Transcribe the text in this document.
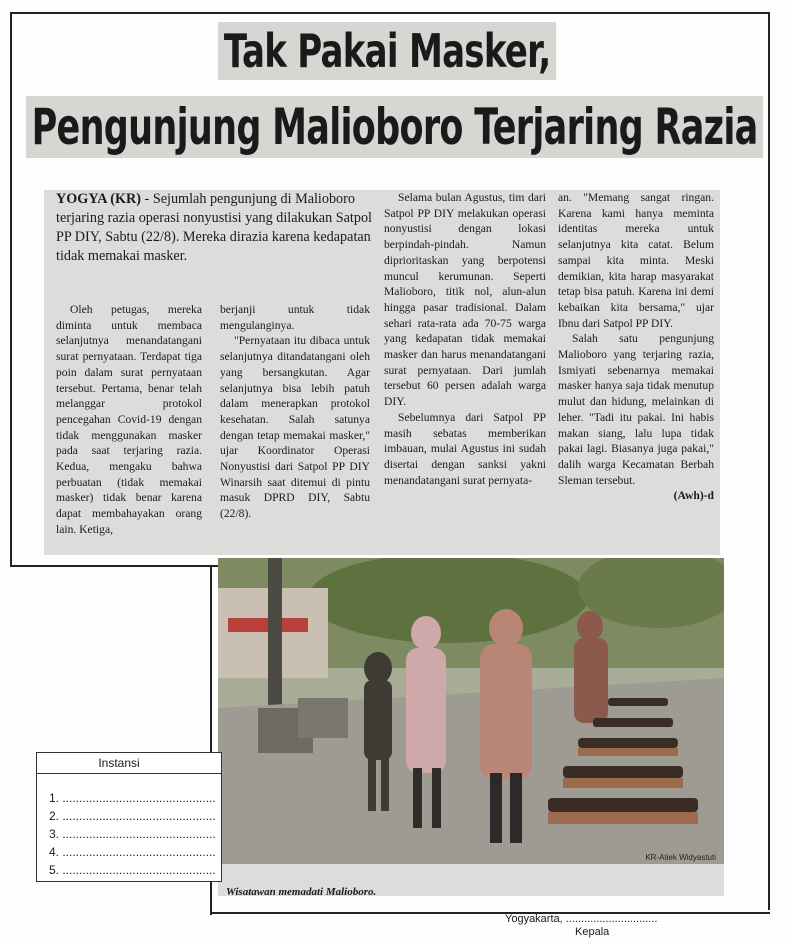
Tak Pakai Masker,
Pengunjung Malioboro Terjaring Razia
YOGYA (KR) - Sejumlah pengunjung di Malioboro terjaring razia operasi nonyustisi yang dilakukan Satpol PP DIY, Sabtu (22/8). Mereka dirazia karena kedapatan tidak memakai masker.

Oleh petugas, mereka diminta untuk membaca selanjutnya menandatangani surat pernyataan. Terdapat tiga poin dalam surat pernyataan tersebut. Pertama, benar telah melanggar protokol pencegahan Covid-19 dengan tidak menggunakan masker pada saat terjaring razia. Kedua, mengaku bahwa perbuatan (tidak memakai masker) tidak benar karena dapat membahayakan orang lain. Ketiga,

berjanji untuk tidak mengulanginya.

"Pernyataan itu dibaca untuk selanjutnya ditandatangani oleh yang bersangkutan. Agar selanjutnya bisa lebih patuh dalam menerapkan protokol kesehatan. Salah satunya dengan tetap memakai masker," ujar Koordinator Operasi Nonyustisi dari Satpol PP DIY Winarsih saat ditemui di pintu masuk DPRD DIY, Sabtu (22/8).

Selama bulan Agustus, tim dari Satpol PP DIY melakukan operasi nonyustisi dengan lokasi berpindah-pindah. Namun diprioritaskan yang berpotensi muncul kerumunan. Seperti Malioboro, titik nol, alun-alun hingga pasar tradisional. Dalam sehari rata-rata ada 70-75 warga yang kedapatan tidak memakai masker dan harus menandatangani surat pernyataan. Dari jumlah tersebut 60 persen adalah warga DIY.

Sebelumnya dari Satpol PP masih sebatas memberikan imbauan, mulai Agustus ini sudah disertai dengan sanksi yakni menandatangani surat pernyata-

an. "Memang sangat ringan. Karena kami hanya meminta identitas mereka untuk selanjutnya kita catat. Belum sampai kita minta. Meski demikian, kita harap masyarakat tetap bisa patuh. Karena ini demi kebaikan kita bersama," ujar Ibnu dari Satpol PP DIY.

Salah satu pengunjung Malioboro yang terjaring razia, Ismiyati sebenarnya memakai masker hanya saja tidak menutup mulut dan hidung, melainkan di leher. "Tadi itu pakai. Ini habis makan siang, lalu lupa tidak pakai lagi. Biasanya juga pakai," dalih warga Kecamatan Berbah Sleman tersebut.

(Awh)-d
KR-Atiek Widyastuti
Wisatawan memadati Malioboro.
Instansi
1. ..............................................
2. ..............................................
3. ..............................................
4. ..............................................
5. ..............................................
Yogyakarta, ..............................
Kepala
